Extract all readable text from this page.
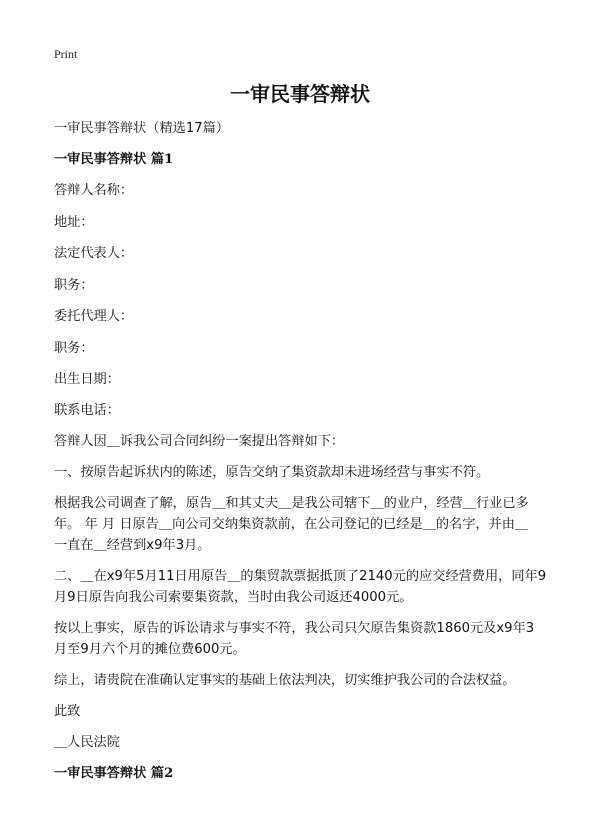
Print
一审民事答辩状
一审民事答辩状（精选17篇）
一审民事答辩状 篇1
答辩人名称：
地址：
法定代表人：
职务：
委托代理人：
职务：
出生日期：
联系电话：
答辩人因＿诉我公司合同纠纷一案提出答辩如下：
一、按原告起诉状内的陈述，原告交纳了集资款却未进场经营与事实不符。
根据我公司调查了解，原告＿和其丈夫＿是我公司辖下＿的业户，经营＿行业已多
年。 年 月 日原告＿向公司交纳集资款前，在公司登记的已经是＿的名字，并由＿
一直在＿经营到x9年3月。
二、＿在x9年5月11日用原告＿的集贸款票据抵顶了2140元的应交经营费用，同年9
月9日原告向我公司索要集资款，当时由我公司返还4000元。
按以上事实，原告的诉讼请求与事实不符，我公司只欠原告集资款1860元及x9年3
月至9月六个月的摊位费600元。
综上，请贵院在准确认定事实的基础上依法判决，切实维护我公司的合法权益。
此致
＿人民法院
一审民事答辩状 篇2
